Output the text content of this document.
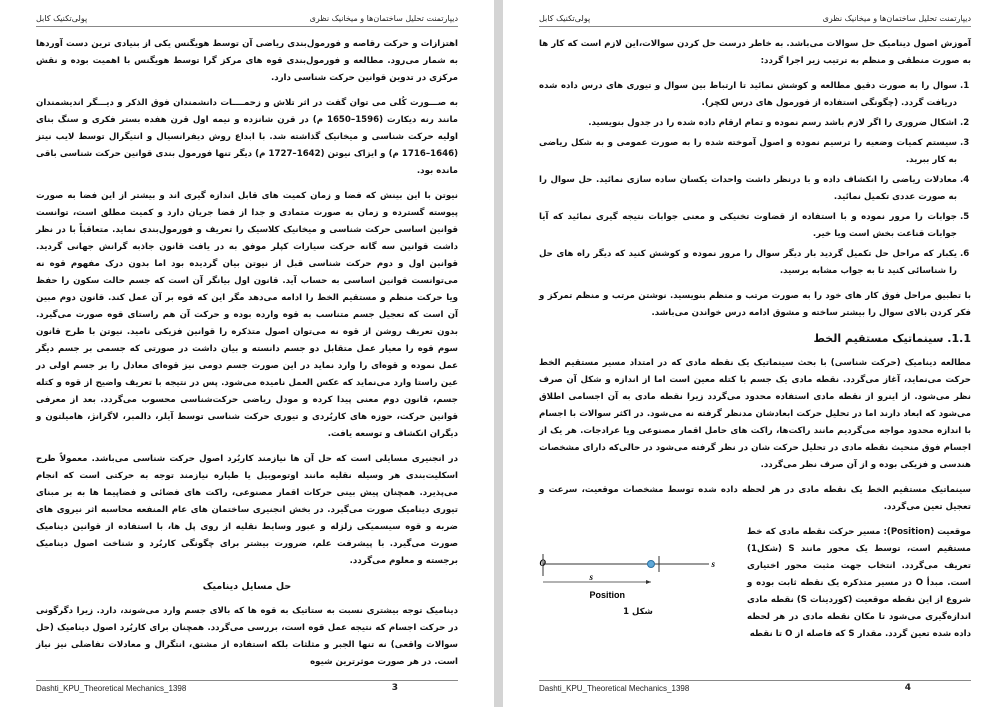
پولی‌تکنیک کابل	دیپارتمنت تحلیل ساختمان‌ها و میخانیک نظری

اهتزازات و حرکت رقاصه و فورمول‌بندی ریاضی آن توسط هویگنس یکی از بنیادی ترین دست آوردها به شمار می‌رود. مطالعه و فورمول‌بندی قوه های مرکز گرا توسط هویگنس با اهمیت بوده و نقش مرکزی در تدوین قوانین حرکت شناسی دارد.

به صـــورت کُلی می توان گفت در اثر تلاش و زحمــــات دانشمندان فوق الذکر و دیـــگر اندیشمندان مانند رنه دیکارت (1596–1650 م) در قرن شانزده و نیمه اول قرن هفده بستر فکری و سنگ بنای اولیه حرکت شناسی و میخانیک گذاشته شد. با ابداع روش دیفرانسیال و انتیگرال توسط لایب نیتز (1646–1716 م) و ایزاک نیوتن (1642–1727 م) دیگر تنها فورمول بندی قوانین حرکت شناسی باقی مانده بود.

نیوتن با این بینش که فضا و زمان کمیت های قابل اندازه گیری اند و بیشتر از این فضا به صورت پیوسته گسترده و زمان به صورت متمادی و جدا از فضا جریان دارد و کمیت مطلق است، توانست قوانین اساسی حرکت شناسی و میخانیک کلاسیک را تعریف و فورمول‌بندی نماید. متعاقباً با در نظر داشت قوانین سه گانه حرکت سیارات کپلر موفق به در یافت قانون جاذبه گرانش جهانی گردید. قوانین اول و دوم حرکت شناسی قبل از نیوتن بیان گردیده بود اما بدون درک مفهوم قوه نه می‌توانست قوانین اساسی به حساب آید. قانون اول بیانگر آن است که جسم حالت سکون را حفظ ویا حرکت منظم و مستقیم الخط را ادامه می‌دهد مگر این که قوه بر آن عمل کند. قانون دوم مبین آن است که تعجیل جسم متناسب به قوه وارده بوده و حرکت آن هم راستای قوه صورت می‌گیرد. بدون تعریف روشن از قوه نه می‌توان اصول متذکره را قوانین فزیکی نامید. نیوتن با طرح قانون سوم قوه را معیار عمل متقابل دو جسم دانسته و بیان داشت در صورتی که جسمی بر جسم دیگر عمل نموده و قوه‌ای را وارد نماید در این صورت جسم دومی نیز قوه‌ای معادل را بر جسم اولی در عین راستا وارد می‌نماید که عکس العمل نامیده می‌شود. پس در نتیجه با تعریف واضیح از قوه و کتله جسم، قانون دوم معنی پیدا کرده و مودل ریاضی حرکت‌شناسی محسوب می‌گردد. بعد از معرفی قوانین حرکت، حوزه های کاربُردی و تیوری حرکت شناسی توسط آیلر، دالمبر، لاگرانژ، هامیلتون و دیگران انکشاف و توسعه یافت.

در انجنیری مسایلی است که حل آن ها نیازمند کاربُرد اصول حرکت شناسی می‌باشد. معمولاً طرح اسکلیت‌بندی هر وسیله نقلیه مانند اوتوموبیل یا طیاره نیازمند توجه به حرکتی است که انجام می‌پذیرد. همچنان پیش بینی حرکات اقمار مصنوعی، راکت های فضائی و فضاپیما ها به بر مبنای تیوری دینامیک صورت می‌گیرد. در بخش انجنیری ساختمان های عام المنفعه محاسبه اثر نیروی های ضربه و قوه سیسمیکی زلزله و عبور وسایط نقلیه از روی پل ها، با استفاده از قوانین دینامیک صورت می‌گیرد. با پیشرفت علم، ضرورت بیشتر برای چگونگی کاربُرد و شناخت اصول دینامیک برجسته و معلوم می‌گردد.

حل مسایل دینامیک

دینامیک توجه بیشتری نسبت به ستاتیک به قوه ها که بالای جسم وارد می‌شوند، دارد. زیرا دگرگونی در حرکت اجسام که نتیجه عمل قوه است، بررسی می‌گردد. همچنان برای کاربُرد اصول دینامیک (حل سوالات واقعی) نه تنها الجبر و مثلثات بلکه استفاده از مشتق، انتگرال و معادلات تفاضلی نیز نیاز است. در هر صورت موثرترین شیوه

Dashti_KPU_Theoretical Mechanics_1398	3
پولی‌تکنیک کابل	دیپارتمنت تحلیل ساختمان‌ها و میخانیک نظری

آموزش اصول دینامیک حل سوالات می‌باشد. به خاطر درست حل کردن سوالات،این لازم است که کار ها به صورت منطقی و منظم به ترتیب زیر اجرا گردد:

1. سوال را به صورت دقیق مطالعه و کوشش نمائید تا ارتباط بین سوال و تیوری های درس داده شده دریافت گردد. (چگونگی استفاده از فورمول های درس لکچر).
2. اشکال ضروری را اگر لازم باشد رسم نموده و تمام ارقام داده شده را در جدول بنویسید.
3. سیستم کمیات وضعیه را ترسیم نموده و اصول آموخته شده را به صورت عمومی و به شکل ریاضی به کار ببرید.
4. معادلات ریاضی را انکشاف داده و با درنظر داشت واحدات یکسان ساده سازی نمائید. حل سوال را به صورت عددی تکمیل نمائید.
5. جوابات را مرور نموده و با استفاده از قضاوت تخنیکی و معنی جوابات نتیجه گیری نمائید که آیا جوابات قناعت بخش است ویا خیر.
6. یکبار که مراحل حل تکمیل گردید بار دیگر سوال را مرور نموده و کوشش کنید که دیگر راه های حل را شناسائی کنید تا به جواب مشابه برسید.

با تطبیق مراحل فوق کار های خود را به صورت مرتب و منظم بنویسید. نوشتن مرتب و منظم تمرکز و فکر کردن بالای سوال را بیشتر ساخته و مشوق ادامه درس خواندن می‌باشد.

1.1. سینماتیک مستقیم الخط

مطالعه دینامیک (حرکت شناسی) با بحث سینماتیک یک نقطه مادی که در امتداد مسیر مستقیم الخط حرکت می‌نماید، آغاز می‌گردد. نقطه مادی یک جسم با کتله معین است اما از اندازه و شکل آن صرف نظر می‌شود. از اینرو از نقطه مادی استفاده محدود می‌گردد زیرا نقطه مادی به آن اجسامی اطلاق می‌شود که ابعاد دارند اما در تحلیل حرکت ابعادشان مدنظر گرفته نه می‌شود. در اکثر سوالات با اجسام با اندازه محدود مواجه می‌گردیم مانند راکت‌ها، راکت های حامل اقمار مصنوعی ویا عرادجات. هر یک از اجسام فوق منحیث نقطه مادی در تحلیل حرکت شان در نظر گرفته می‌شود در حالی‌که دارای مشخصات هندسی و فزیکی بوده و از آن صرف نظر می‌گردد.

سینماتیک مستقیم الخط یک نقطه مادی در هر لحظه داده شده توسط مشخصات موقعیت، سرعت و تعجیل تعین می‌گردد.

O	s
s
Position
شکل 1

موقعیت (Position): مسیر حرکت نقطه مادی که خط مستقیم است، توسط یک محور مانند S (شکل1) تعریف می‌گردد. انتخاب جهت مثبت محور اختیاری است. مبدأ O در مسیر متذکره یک نقطه ثابت بوده و شروع از این نقطه موقعیت (کوردینات S) نقطه مادی اندازه‌گیری می‌شود تا مکان نقطه مادی در هر لحظه داده شده تعین گردد. مقدار S که فاصله از O تا نقطه

Dashti_KPU_Theoretical Mechanics_1398	4
